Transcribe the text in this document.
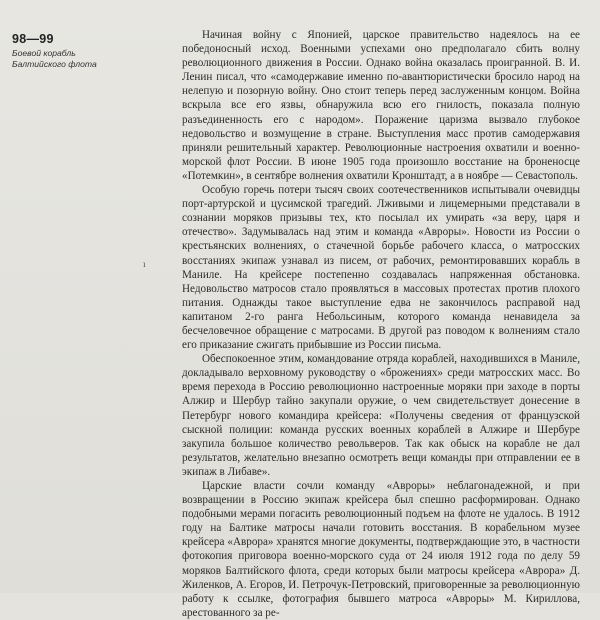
98—99

Боевой корабль
Балтийского флота
ı

Начиная войну с Японией, царское правительство надеялось на ее победоносный исход. Военными успехами оно предполагало сбить волну революционного движения в России. Однако война оказалась проигранной. В. И. Ленин писал, что «самодержавие именно по-авантюристически бросило народ на нелепую и позорную войну. Оно стоит теперь перед заслуженным концом. Война вскрыла все его язвы, обнаружила всю его гнилость, показала полную разъединенность его с народом». Поражение царизма вызвало глубокое недовольство и возмущение в стране. Выступления масс против самодержавия приняли решительный характер. Революционные настроения охватили и военно-морской флот России. В июне 1905 года произошло восстание на броненосце «Потемкин», в сентябре волнения охватили Кронштадт, а в ноябре — Севастополь.

Особую горечь потери тысяч своих соотечественников испытывали очевидцы порт-артурской и цусимской трагедий. Лживыми и лицемерными представали в сознании моряков призывы тех, кто посылал их умирать «за веру, царя и отечество». Задумывалась над этим и команда «Авроры». Новости из России о крестьянских волнениях, о стачечной борьбе рабочего класса, о матросских восстаниях экипаж узнавал из писем, от рабочих, ремонтировавших корабль в Маниле. На крейсере постепенно создавалась напряженная обстановка. Недовольство матросов стало проявляться в массовых протестах против плохого питания. Однажды такое выступление едва не закончилось расправой над капитаном 2-го ранга Небольсиным, которого команда ненавидела за бесчеловечное обращение с матросами. В другой раз поводом к волнениям стало его приказание сжигать прибывшие из России письма.

Обеспокоенное этим, командование отряда кораблей, находившихся в Маниле, докладывало верховному руководству о «брожениях» среди матросских масс. Во время перехода в Россию революционно настроенные моряки при заходе в порты Алжир и Шербур тайно закупали оружие, о чем свидетельствует донесение в Петербург нового командира крейсера: «Получены сведения от французской сыскной полиции: команда русских военных кораблей в Алжире и Шербуре закупила большое количество револьверов. Так как обыск на корабле не дал результатов, желательно внезапно осмотреть вещи команды при отправлении ее в экипаж в Либаве».

Царские власти сочли команду «Авроры» неблагонадежной, и при возвращении в Россию экипаж крейсера был спешно расформирован. Однако подобными мерами погасить революционный подъем на флоте не удалось. В 1912 году на Балтике матросы начали готовить восстания. В корабельном музее крейсера «Аврора» хранятся многие документы, подтверждающие это, в частности фотокопия приговора военно-морского суда от 24 июля 1912 года по делу 59 моряков Балтийского флота, среди которых были матросы крейсера «Аврора» Д. Жиленков, А. Егоров, И. Петрочук-Петровский, приговоренные за революционную работу к ссылке, фотография бывшего матроса «Авроры» М. Кириллова, арестованного за ре-
